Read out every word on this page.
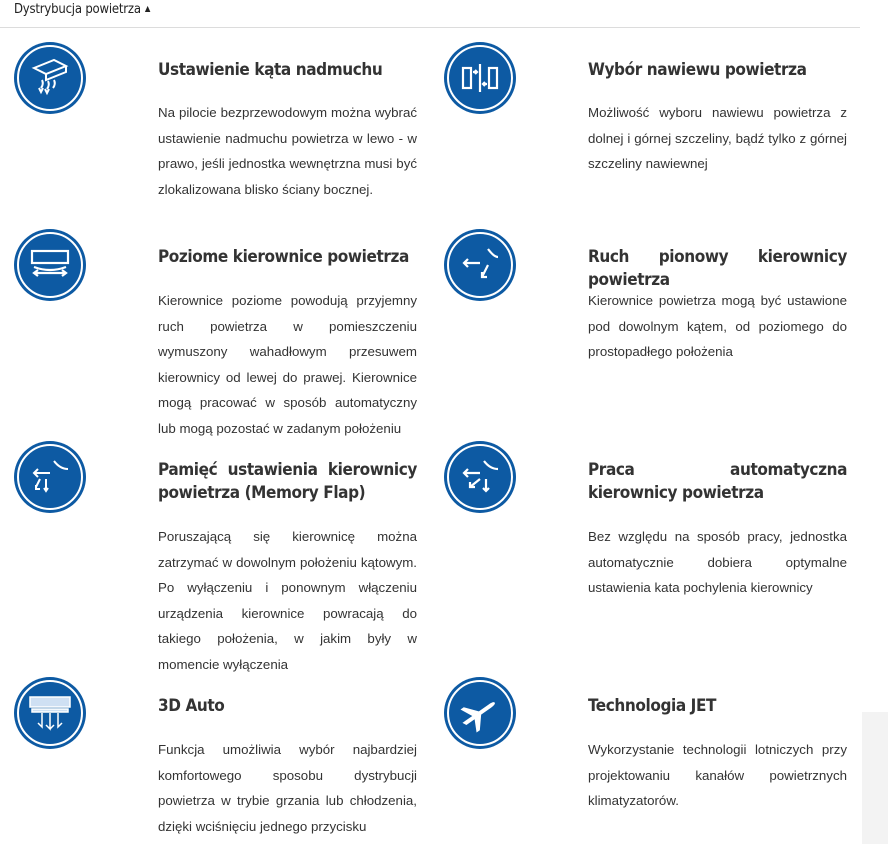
Dystrybucja powietrza ▲
Ustawienie kąta nadmuchu
Na pilocie bezprzewodowym można wybrać ustawienie nadmuchu powietrza w lewo - w prawo, jeśli jednostka wewnętrzna musi być zlokalizowana blisko ściany bocznej.
Wybór nawiewu powietrza
Możliwość wyboru nawiewu powietrza z dolnej i górnej szczeliny, bądź tylko z górnej szczeliny nawiewnej
Poziome kierownice powietrza
Kierownice poziome powodują przyjemny ruch powietrza w pomieszczeniu wymuszony wahadłowym przesuwem kierownicy od lewej do prawej. Kierownice mogą pracować w sposób automatyczny lub mogą pozostać w zadanym położeniu
Ruch pionowy kierownicy powietrza
Kierownice powietrza mogą być ustawione pod dowolnym kątem, od poziomego do prostopadłego położenia
Pamięć ustawienia kierownicy powietrza (Memory Flap)
Poruszającą się kierownicę można zatrzymać w dowolnym położeniu kątowym. Po wyłączeniu i ponownym włączeniu urządzenia kierownice powracają do takiego położenia, w jakim były w momencie wyłączenia
Praca automatyczna kierownicy powietrza
Bez względu na sposób pracy, jednostka automatycznie dobiera optymalne ustawienia kata pochylenia kierownicy
3D Auto
Funkcja umożliwia wybór najbardziej komfortowego sposobu dystrybucji powietrza w trybie grzania lub chłodzenia, dzięki wciśnięciu jednego przycisku
Technologia JET
Wykorzystanie technologii lotniczych przy projektowaniu kanałów powietrznych klimatyzatorów.
